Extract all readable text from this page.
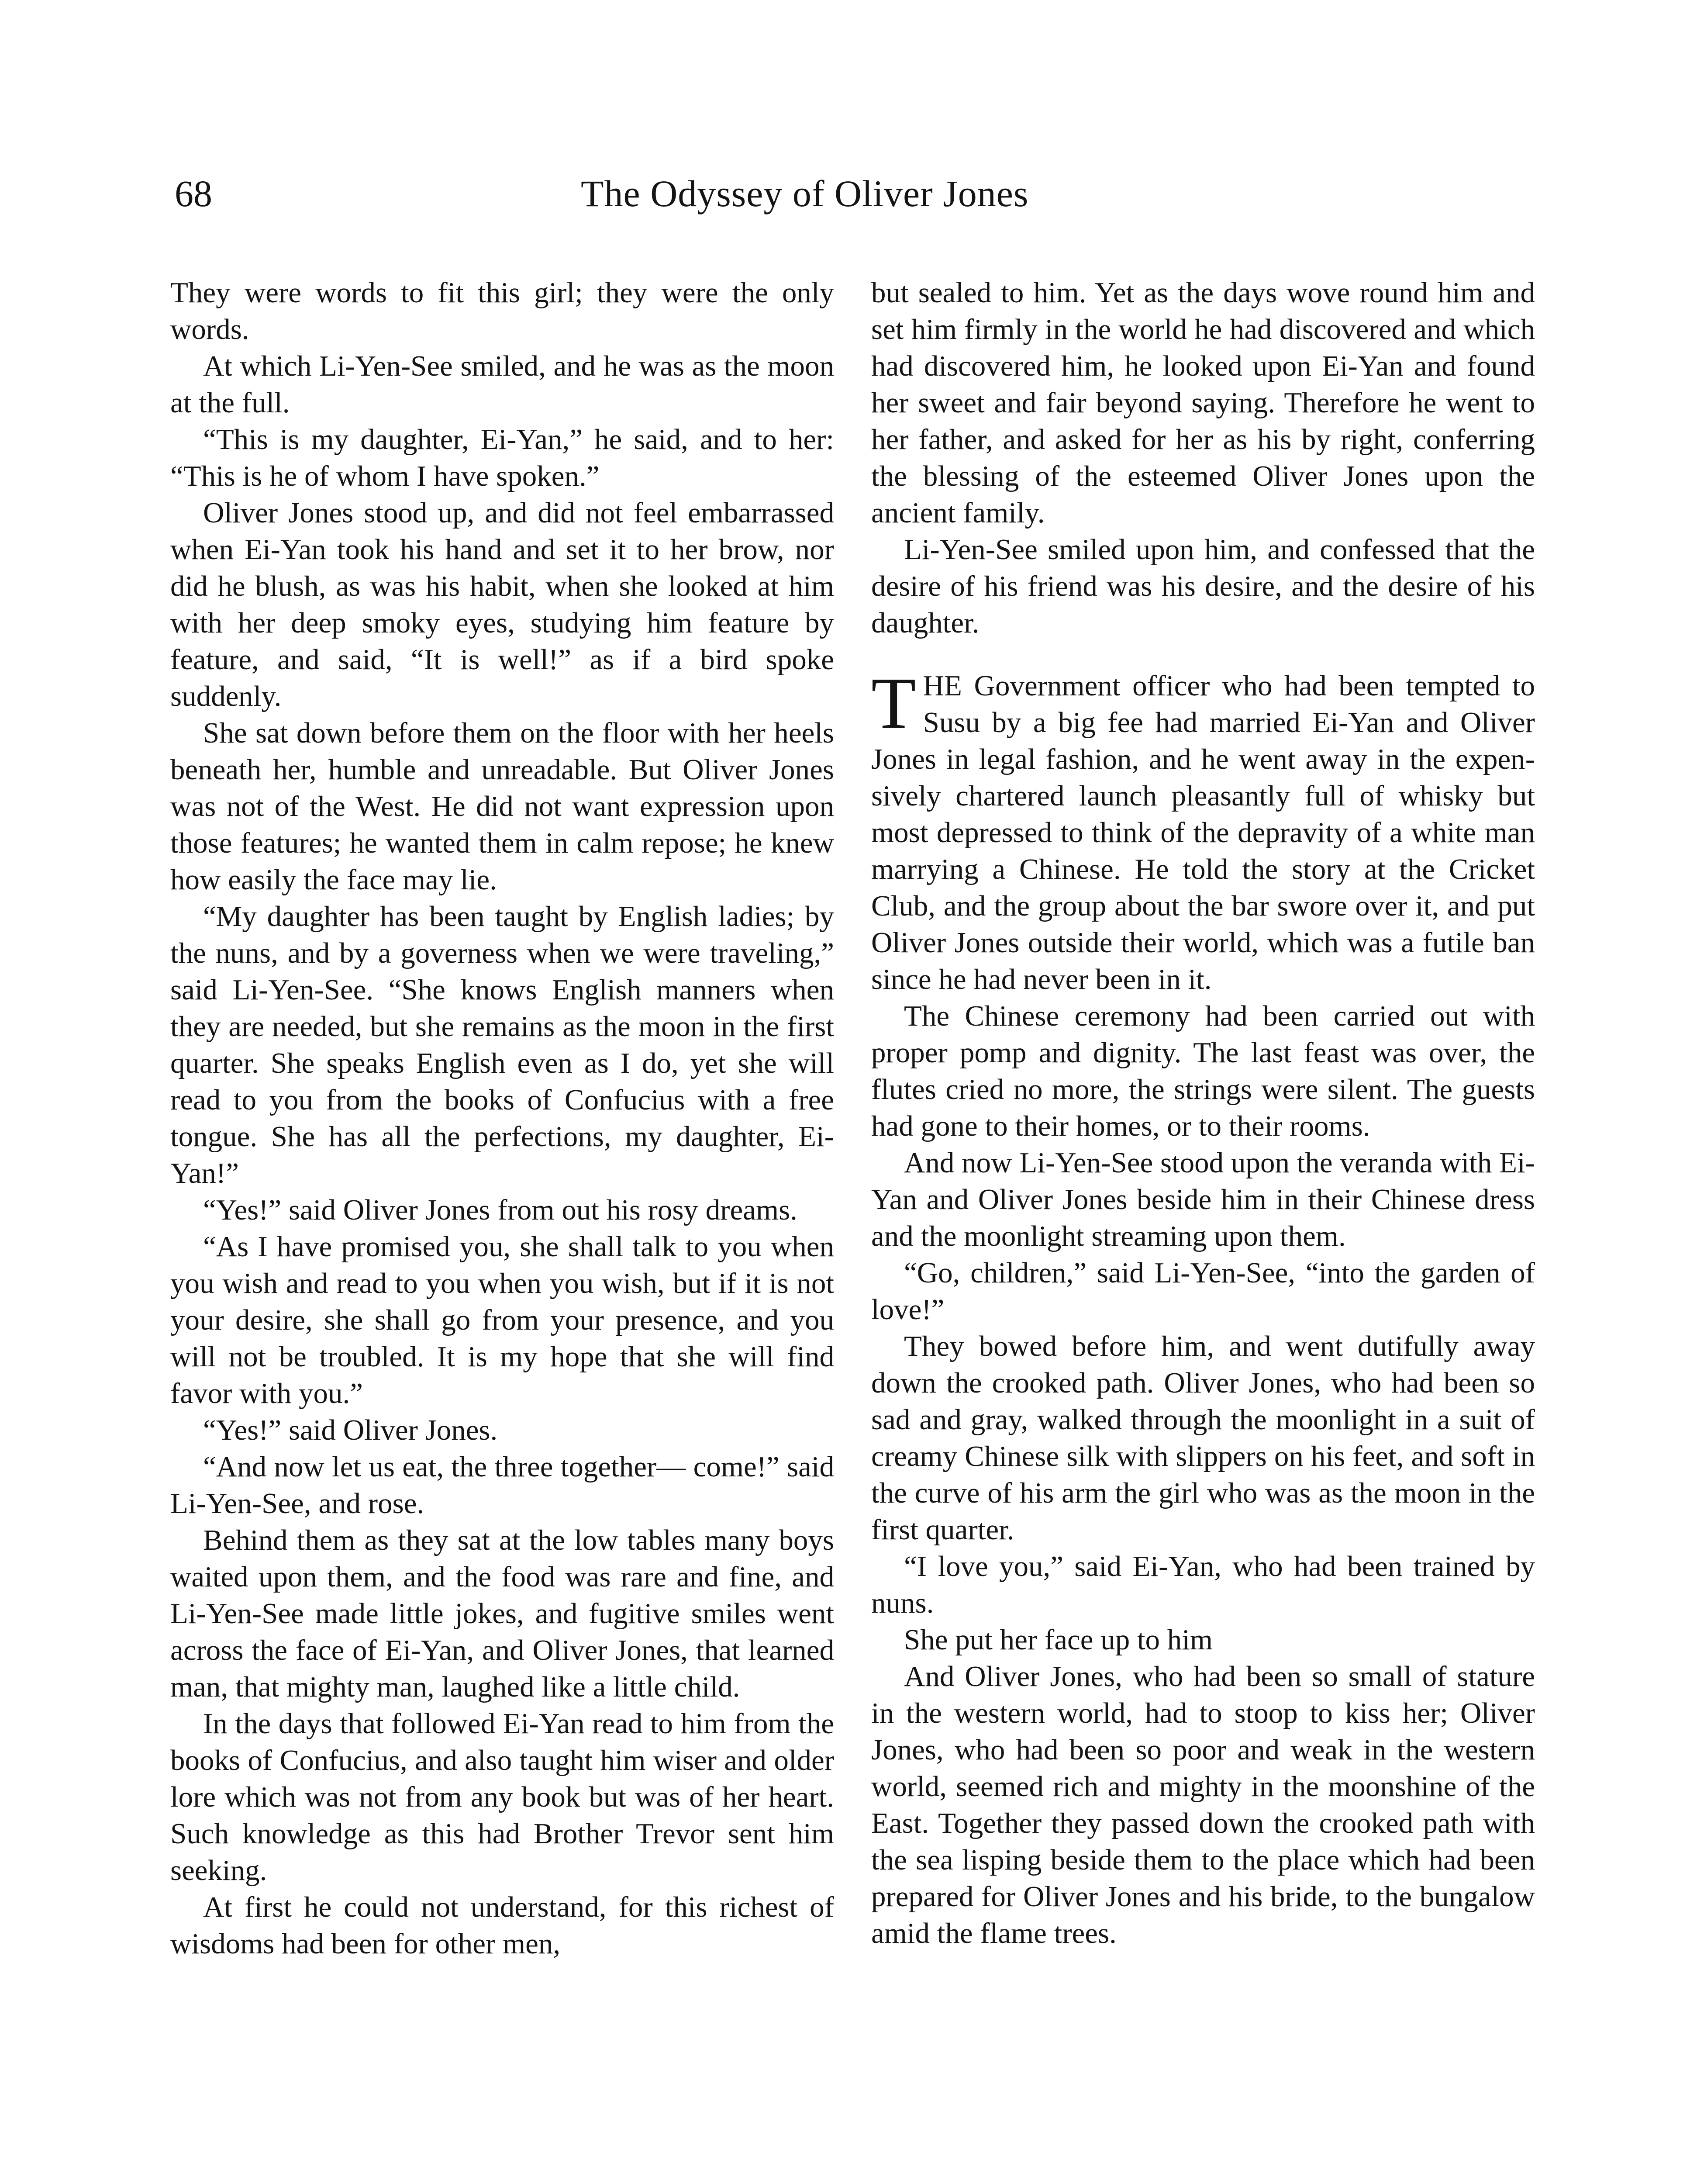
68	The Odyssey of Oliver Jones

They were words to fit this girl; they were the only words.

At which Li-Yen-See smiled, and he was as the moon at the full.

“This is my daughter, Ei-Yan,” he said, and to her: “This is he of whom I have spoken.”

Oliver Jones stood up, and did not feel embarrassed when Ei-Yan took his hand and set it to her brow, nor did he blush, as was his habit, when she looked at him with her deep smoky eyes, studying him feature by feature, and said, “It is well!” as if a bird spoke suddenly.

She sat down before them on the floor with her heels beneath her, humble and unreadable. But Oliver Jones was not of the West. He did not want expression upon those features; he wanted them in calm repose; he knew how easily the face may lie.

“My daughter has been taught by English ladies; by the nuns, and by a governess when we were traveling,” said Li-Yen-See. “She knows English manners when they are needed, but she remains as the moon in the first quarter. She speaks English even as I do, yet she will read to you from the books of Confucius with a free tongue. She has all the perfections, my daughter, Ei-Yan!”

“Yes!” said Oliver Jones from out his rosy dreams.

“As I have promised you, she shall talk to you when you wish and read to you when you wish, but if it is not your desire, she shall go from your presence, and you will not be troubled. It is my hope that she will find favor with you.”

“Yes!” said Oliver Jones.

“And now let us eat, the three together— come!” said Li-Yen-See, and rose.

Behind them as they sat at the low tables many boys waited upon them, and the food was rare and fine, and Li-Yen-See made little jokes, and fugitive smiles went across the face of Ei-Yan, and Oliver Jones, that learned man, that mighty man, laughed like a little child.

In the days that followed Ei-Yan read to him from the books of Confucius, and also taught him wiser and older lore which was not from any book but was of her heart. Such knowledge as this had Brother Trevor sent him seeking.

At first he could not understand, for this richest of wisdoms had been for other men,

but sealed to him. Yet as the days wove round him and set him firmly in the world he had discovered and which had discovered him, he looked upon Ei-Yan and found her sweet and fair beyond saying. Therefore he went to her father, and asked for her as his by right, conferring the blessing of the esteemed Oliver Jones upon the ancient family.

Li-Yen-See smiled upon him, and confessed that the desire of his friend was his desire, and the desire of his daughter.

THE Government officer who had been tempted to Susu by a big fee had married Ei-Yan and Oliver Jones in legal fashion, and he went away in the expensively chartered launch pleasantly full of whisky but most depressed to think of the depravity of a white man marrying a Chinese. He told the story at the Cricket Club, and the group about the bar swore over it, and put Oliver Jones outside their world, which was a futile ban since he had never been in it.

The Chinese ceremony had been carried out with proper pomp and dignity. The last feast was over, the flutes cried no more, the strings were silent. The guests had gone to their homes, or to their rooms.

And now Li-Yen-See stood upon the veranda with Ei-Yan and Oliver Jones beside him in their Chinese dress and the moonlight streaming upon them.

“Go, children,” said Li-Yen-See, “into the garden of love!”

They bowed before him, and went dutifully away down the crooked path. Oliver Jones, who had been so sad and gray, walked through the moonlight in a suit of creamy Chinese silk with slippers on his feet, and soft in the curve of his arm the girl who was as the moon in the first quarter.

“I love you,” said Ei-Yan, who had been trained by nuns.

She put her face up to him

And Oliver Jones, who had been so small of stature in the western world, had to stoop to kiss her; Oliver Jones, who had been so poor and weak in the western world, seemed rich and mighty in the moonshine of the East. Together they passed down the crooked path with the sea lisping beside them to the place which had been prepared for Oliver Jones and his bride, to the bungalow amid the flame trees.
